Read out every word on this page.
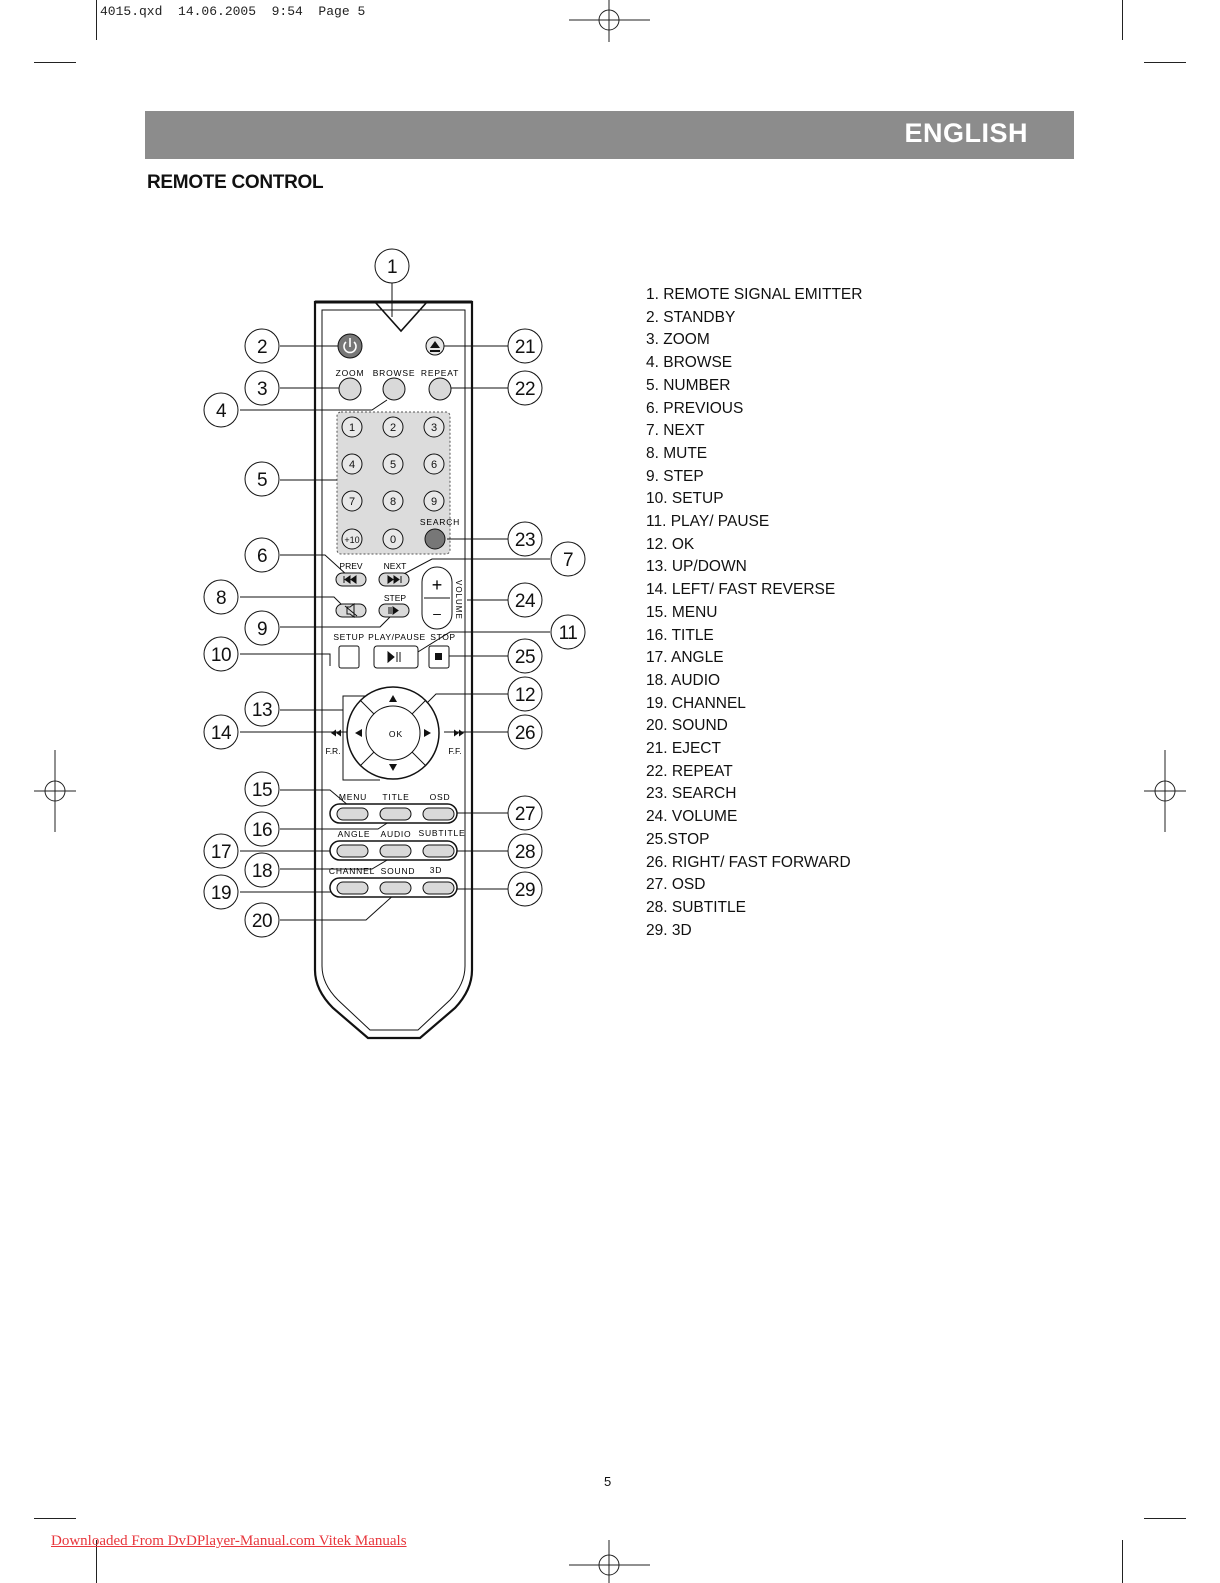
4015.qxd  14.06.2005  9:54  Page 5
ENGLISH
REMOTE CONTROL
ZOOM BROWSE REPEAT
1	2	3
4	5	6
7	8	9
+10	0
SEARCH
PREV NEXT
STEP
+
– VOLUME
SETUP PLAY/PAUSE STOP
OK
F.R.	F.F.
MENU TITLE OSD
ANGLE AUDIO SUBTITLE
CHANNEL SOUND 3D
1
2
3
4
5
6	7
8
9
10
11
12
13
14
15
16
17
18
19
20
21
22
23
24
25
26
27
28
29
1. REMOTE SIGNAL EMITTER
2. STANDBY
3. ZOOM
4. BROWSE
5. NUMBER
6. PREVIOUS
7. NEXT
8. MUTE
9. STEP
10. SETUP
11. PLAY/ PAUSE
12. OK
13. UP/DOWN
14. LEFT/ FAST REVERSE
15. MENU
16. TITLE
17. ANGLE
18. AUDIO
19. CHANNEL
20. SOUND
21. EJECT
22. REPEAT
23. SEARCH
24. VOLUME
25.STOP
26. RIGHT/ FAST FORWARD
27. OSD
28. SUBTITLE
29. 3D
5
Downloaded From DvDPlayer-Manual.com Vitek Manuals
